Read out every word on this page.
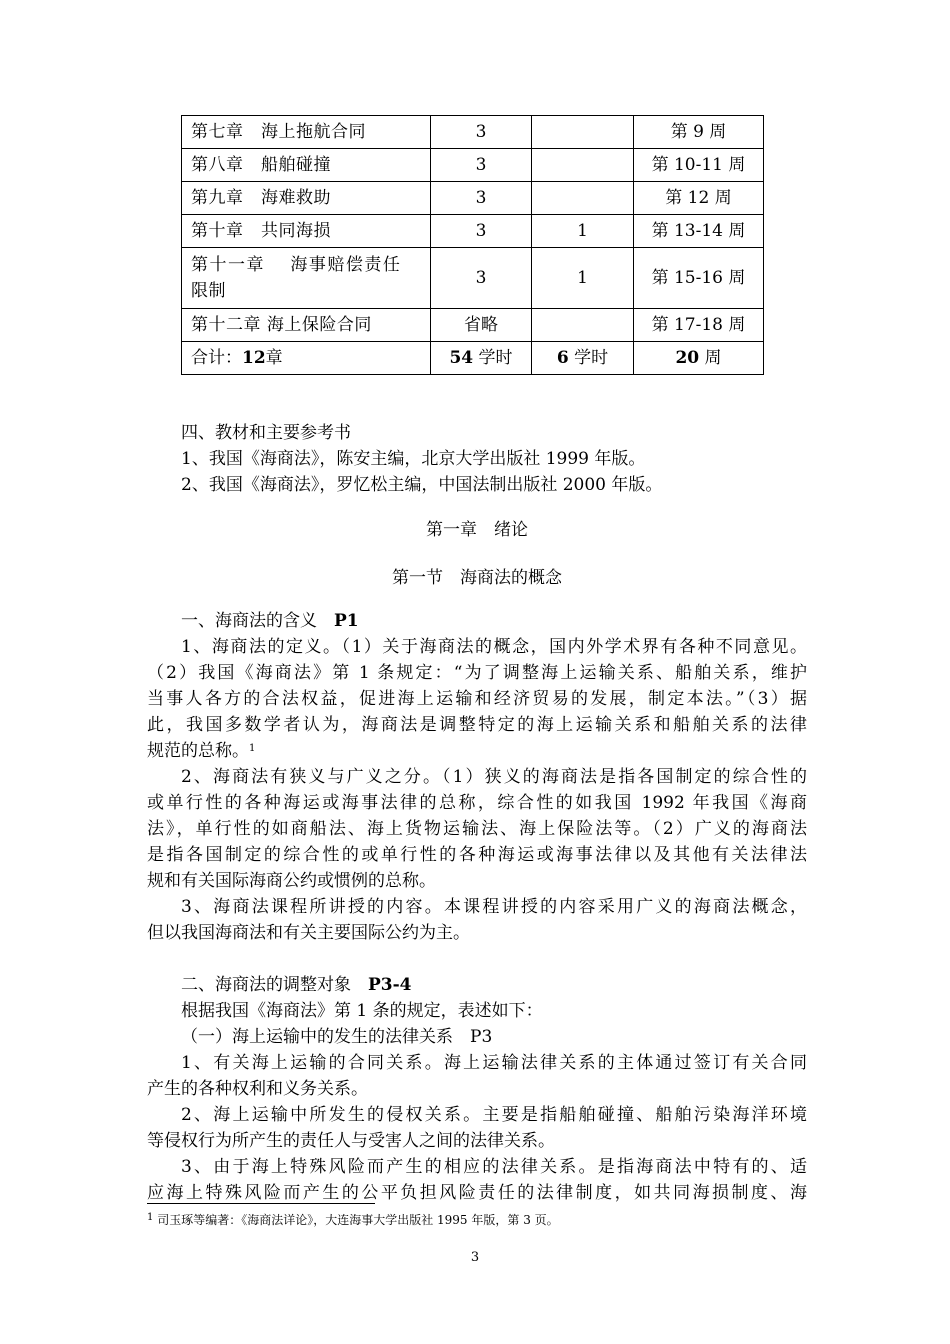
第七章　海上拖航合同	3		第 9 周
第八章　船舶碰撞	3		第 10-11 周
第九章　海难救助	3		第 12 周
第十章　共同海损	3	1	第 13-14 周

第十一章　 海事赔偿责任
限制	3	1	第 15-16 周
第十二章 海上保险合同	省略		第 17-18 周
合计：12章	54 学时	6 学时	20 周
四、教材和主要参考书
1、我国《海商法》，陈安主编，北京大学出版社 1999 年版。
2、我国《海商法》，罗忆松主编，中国法制出版社 2000 年版。
第一章　绪论
第一节　海商法的概念
一、海商法的含义　 P1
1、海商法的定义。（1）关于海商法的概念，国内外学术界有各种不同意见。
（2）我国《海商法》第 1 条规定：“为了调整海上运输关系、船舶关系，维护
当事人各方的合法权益，促进海上运输和经济贸易的发展，制定本法。”（3）据
此，我国多数学者认为，海商法是调整特定的海上运输关系和船舶关系的法律
规范的总称。$^1$
2、海商法有狭义与广义之分。（1）狭义的海商法是指各国制定的综合性的
或单行性的各种海运或海事法律的总称，综合性的如我国 1992 年我国《海商
法》，单行性的如商船法、海上货物运输法、海上保险法等。（2）广义的海商法
是指各国制定的综合性的或单行性的各种海运或海事法律以及其他有关法律法
规和有关国际海商公约或惯例的总称。
3、海商法课程所讲授的内容。本课程讲授的内容采用广义的海商法概念，
但以我国海商法和有关主要国际公约为主。
二、海商法的调整对象　 P3-4
根据我国《海商法》第 1 条的规定，表述如下：
（一）海上运输中的发生的法律关系　P3
1、有关海上运输的合同关系。海上运输法律关系的主体通过签订有关合同
产生的各种权利和义务关系。
2、海上运输中所发生的侵权关系。主要是指船舶碰撞、船舶污染海洋环境
等侵权行为所产生的责任人与受害人之间的法律关系。
3、由于海上特殊风险而产生的相应的法律关系。是指海商法中特有的、适
应海上特殊风险而产生的公平负担风险责任的法律制度，如共同海损制度、海
$^1$ 司玉琢等编著：《海商法详论》，大连海事大学出版社 1995 年版，第 3 页。
3
